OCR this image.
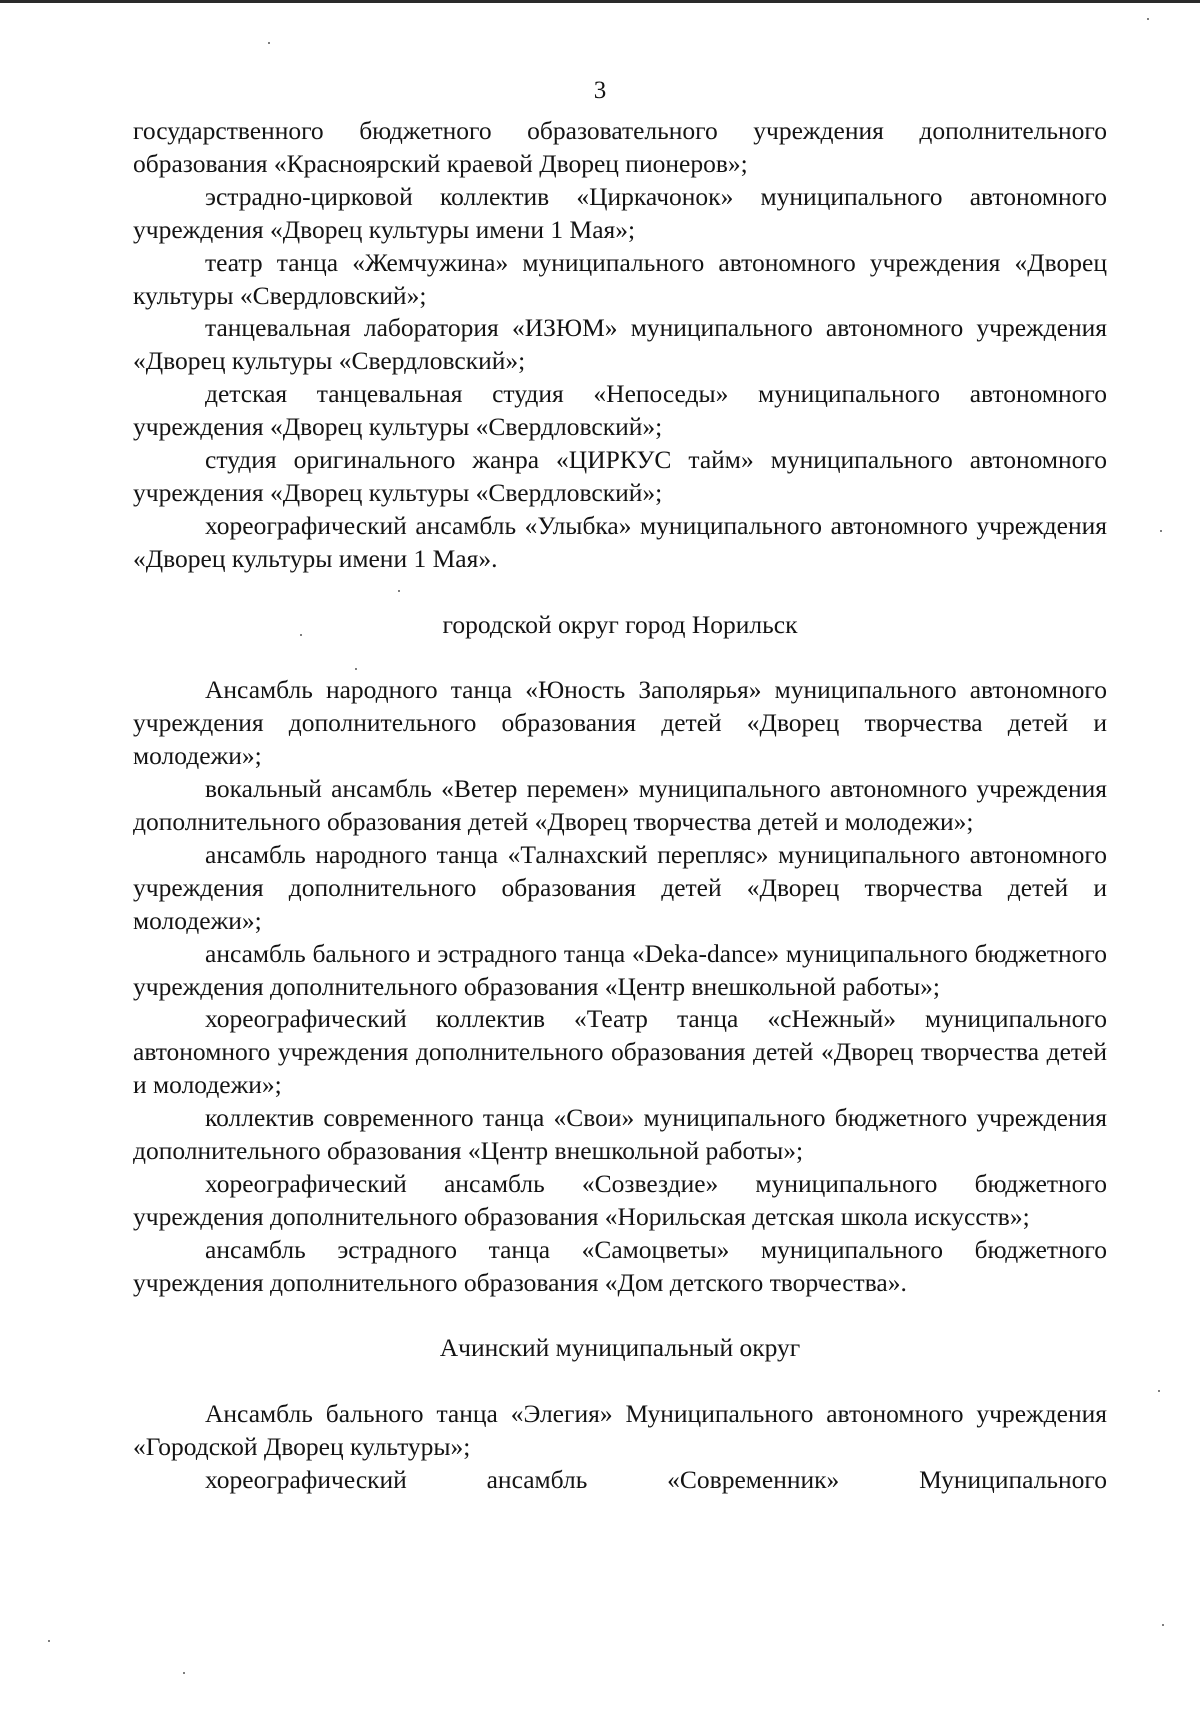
3

государственного бюджетного образовательного учреждения дополнительного образования «Красноярский краевой Дворец пионеров»;

эстрадно-цирковой коллектив «Циркачонок» муниципального автономного учреждения «Дворец культуры имени 1 Мая»;

театр танца «Жемчужина» муниципального автономного учреждения «Дворец культуры «Свердловский»;

танцевальная лаборатория «ИЗЮМ» муниципального автономного учреждения «Дворец культуры «Свердловский»;

детская танцевальная студия «Непоседы» муниципального автономного учреждения «Дворец культуры «Свердловский»;

студия оригинального жанра «ЦИРКУС тайм» муниципального автономного учреждения «Дворец культуры «Свердловский»;

хореографический ансамбль «Улыбка» муниципального автономного учреждения «Дворец культуры имени 1 Мая».

городской округ город Норильск

Ансамбль народного танца «Юность Заполярья» муниципального автономного учреждения дополнительного образования детей «Дворец творчества детей и молодежи»;

вокальный ансамбль «Ветер перемен» муниципального автономного учреждения дополнительного образования детей «Дворец творчества детей и молодежи»;

ансамбль народного танца «Талнахский перепляс» муниципального автономного учреждения дополнительного образования детей «Дворец творчества детей и молодежи»;

ансамбль бального и эстрадного танца «Deka-dance» муниципального бюджетного учреждения дополнительного образования «Центр внешкольной работы»;

хореографический коллектив «Театр танца «сНежный» муниципального автономного учреждения дополнительного образования детей «Дворец творчества детей и молодежи»;

коллектив современного танца «Свои» муниципального бюджетного учреждения дополнительного образования «Центр внешкольной работы»;

хореографический ансамбль «Созвездие» муниципального бюджетного учреждения дополнительного образования «Норильская детская школа искусств»;

ансамбль эстрадного танца «Самоцветы» муниципального бюджетного учреждения дополнительного образования «Дом детского творчества».

Ачинский муниципальный округ

Ансамбль бального танца «Элегия» Муниципального автономного учреждения «Городской Дворец культуры»;

хореографический ансамбль «Современник» Муниципального
